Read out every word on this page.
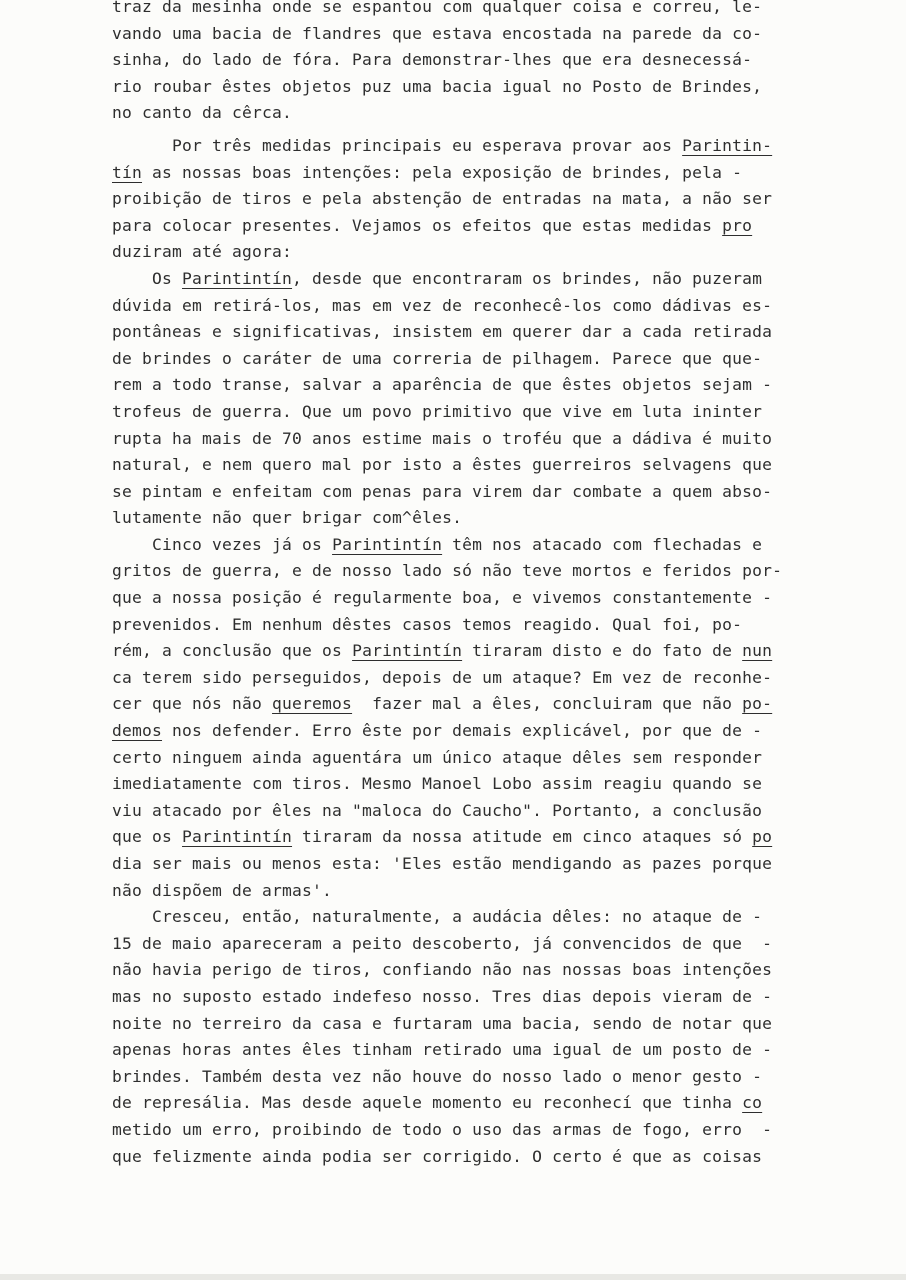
traz da mesinha onde se espantou com qualquer coisa e correu, le-
vando uma bacia de flandres que estava encostada na parede da co-
sinha, do lado de fóra. Para demonstrar-lhes que era desnecessá-
rio roubar êstes objetos puz uma bacia igual no Posto de Brindes,
no canto da cêrca.
Por três medidas principais eu esperava provar aos Parintin-
tín as nossas boas intenções: pela exposição de brindes, pela -
proibição de tiros e pela abstenção de entradas na mata, a não ser
para colocar presentes. Vejamos os efeitos que estas medidas pro
duziram até agora:
Os Parintintín, desde que encontraram os brindes, não puzeram
dúvida em retirá-los, mas em vez de reconhecê-los como dádivas es-
pontâneas e significativas, insistem em querer dar a cada retirada
de brindes o caráter de uma correria de pilhagem. Parece que que-
rem a todo transe, salvar a aparência de que êstes objetos sejam -
trofeus de guerra. Que um povo primitivo que vive em luta ininter
rupta ha mais de 70 anos estime mais o troféu que a dádiva é muito
natural, e nem quero mal por isto a êstes guerreiros selvagens que
se pintam e enfeitam com penas para virem dar combate a quem abso-
lutamente não quer brigar com^êles.
Cinco vezes já os Parintintín têm nos atacado com flechadas e
gritos de guerra, e de nosso lado só não teve mortos e feridos por-
que a nossa posição é regularmente boa, e vivemos constantemente -
prevenidos. Em nenhum dêstes casos temos reagido. Qual foi, po-
rém, a conclusão que os Parintintín tiraram disto e do fato de nun
ca terem sido perseguidos, depois de um ataque? Em vez de reconhe-
cer que nós não queremos  fazer mal a êles, concluiram que não po-
demos nos defender. Erro êste por demais explicável, por que de -
certo ninguem ainda aguentára um único ataque dêles sem responder
imediatamente com tiros. Mesmo Manoel Lobo assim reagiu quando se
viu atacado por êles na "maloca do Caucho". Portanto, a conclusão
que os Parintintín tiraram da nossa atitude em cinco ataques só po
dia ser mais ou menos esta: 'Eles estão mendigando as pazes porque
não dispõem de armas'.
Cresceu, então, naturalmente, a audácia dêles: no ataque de -
15 de maio apareceram a peito descoberto, já convencidos de que  -
não havia perigo de tiros, confiando não nas nossas boas intenções
mas no suposto estado indefeso nosso. Tres dias depois vieram de -
noite no terreiro da casa e furtaram uma bacia, sendo de notar que
apenas horas antes êles tinham retirado uma igual de um posto de -
brindes. Também desta vez não houve do nosso lado o menor gesto -
de represália. Mas desde aquele momento eu reconhecí que tinha co
metido um erro, proibindo de todo o uso das armas de fogo, erro  -
que felizmente ainda podia ser corrigido. O certo é que as coisas
